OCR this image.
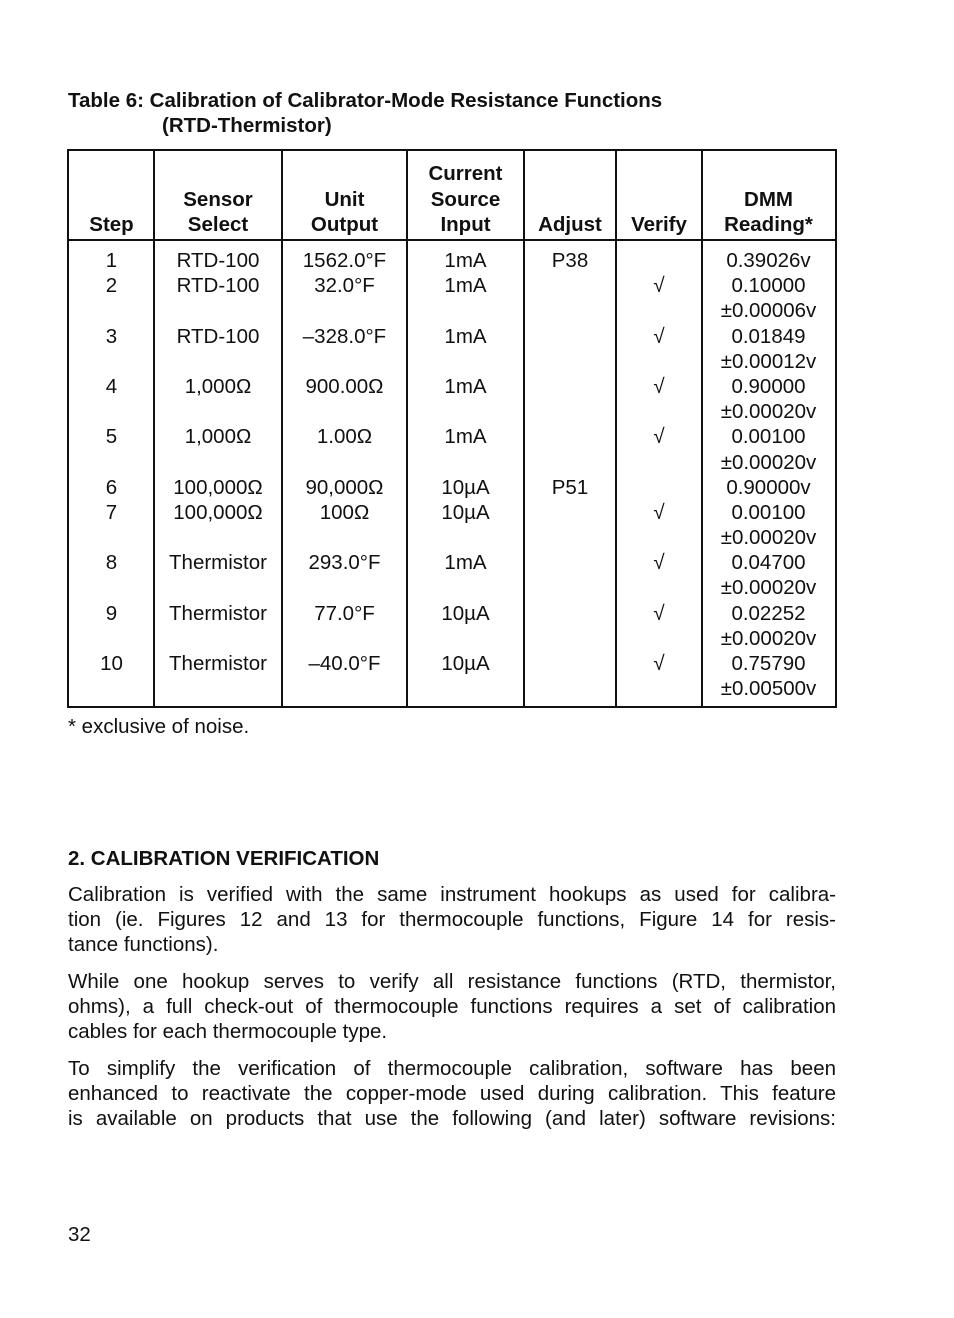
Table 6: Calibration of Calibrator-Mode Resistance Functions
(RTD-Thermistor)
Step
1
2
3
4
5
6
7
8
9
10
Sensor
Select
RTD-100
RTD-100
RTD-100
1,000Ω
1,000Ω
100,000Ω
100,000Ω
Thermistor
Thermistor
Thermistor
Unit
Output
1562.0°F
32.0°F
–328.0°F
900.00Ω
1.00Ω
90,000Ω
100Ω
293.0°F
77.0°F
–40.0°F
Current
Source
Input
1mA
1mA
1mA
1mA
1mA
10µA
10µA
1mA
10µA
10µA
Adjust
P38
P51
Verify
√
√
√
√
√
√
√
√
DMM
Reading*
0.39026v
0.10000
±0.00006v
0.01849
±0.00012v
0.90000
±0.00020v
0.00100
±0.00020v
0.90000v
0.00100
±0.00020v
0.04700
±0.00020v
0.02252
±0.00020v
0.75790
±0.00500v
* exclusive of noise.
2. CALIBRATION VERIFICATION
Calibration is verified with the same instrument hookups as used for calibra-
tion (ie. Figures 12 and 13 for thermocouple functions, Figure 14 for resis-
tance functions).
While one hookup serves to verify all resistance functions (RTD, thermistor,
ohms), a full check-out of thermocouple functions requires a set of calibration
cables for each thermocouple type.
To simplify the verification of thermocouple calibration, software has been
enhanced to reactivate the copper-mode used during calibration. This feature
is available on products that use the following (and later) software revisions:
32
